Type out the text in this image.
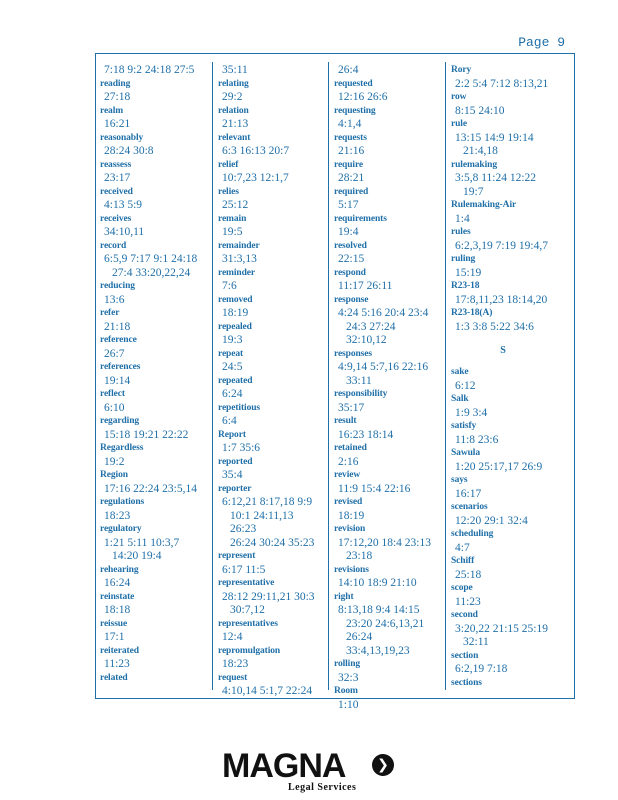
Page 9
7:18 9:2 24:18 27:5
reading
27:18
realm
16:21
reasonably
28:24 30:8
reassess
23:17
received
4:13 5:9
receives
34:10,11
record
6:5,9 7:17 9:1 24:18
27:4 33:20,22,24
reducing
13:6
refer
21:18
reference
26:7
references
19:14
reflect
6:10
regarding
15:18 19:21 22:22
Regardless
19:2
Region
17:16 22:24 23:5,14
regulations
18:23
regulatory
1:21 5:11 10:3,7
14:20 19:4
rehearing
16:24
reinstate
18:18
reissue
17:1
reiterated
11:23
related
35:11
relating
29:2
relation
21:13
relevant
6:3 16:13 20:7
relief
10:7,23 12:1,7
relies
25:12
remain
19:5
remainder
31:3,13
reminder
7:6
removed
18:19
repealed
19:3
repeat
24:5
repeated
6:24
repetitious
6:4
Report
1:7 35:6
reported
35:4
reporter
6:12,21 8:17,18 9:9
10:1 24:11,13 26:23
26:24 30:24 35:23
represent
6:17 11:5
representative
28:12 29:11,21 30:3
30:7,12
representatives
12:4
repromulgation
18:23
request
4:10,14 5:1,7 22:24
26:4
requested
12:16 26:6
requesting
4:1,4
requests
21:16
require
28:21
required
5:17
requirements
19:4
resolved
22:15
respond
11:17 26:11
response
4:24 5:16 20:4 23:4
24:3 27:24 32:10,12
responses
4:9,14 5:7,16 22:16
33:11
responsibility
35:17
result
16:23 18:14
retained
2:16
review
11:9 15:4 22:16
revised
18:19
revision
17:12,20 18:4 23:13
23:18
revisions
14:10 18:9 21:10
right
8:13,18 9:4 14:15
23:20 24:6,13,21
26:24 33:4,13,19,23
rolling
32:3
Room
1:10
Rory
2:2 5:4 7:12 8:13,21
row
8:15 24:10
rule
13:15 14:9 19:14
21:4,18
rulemaking
3:5,8 11:24 12:22
19:7
Rulemaking-Air
1:4
rules
6:2,3,19 7:19 19:4,7
ruling
15:19
R23-18
17:8,11,23 18:14,20
R23-18(A)
1:3 3:8 5:22 34:6
S
sake
6:12
Salk
1:9 3:4
satisfy
11:8 23:6
Sawula
1:20 25:17,17 26:9
says
16:17
scenarios
12:20 29:1 32:4
scheduling
4:7
Schiff
25:18
scope
11:23
second
3:20,22 21:15 25:19
32:11
section
6:2,19 7:18
sections
MAGNA	❯
Legal Services
